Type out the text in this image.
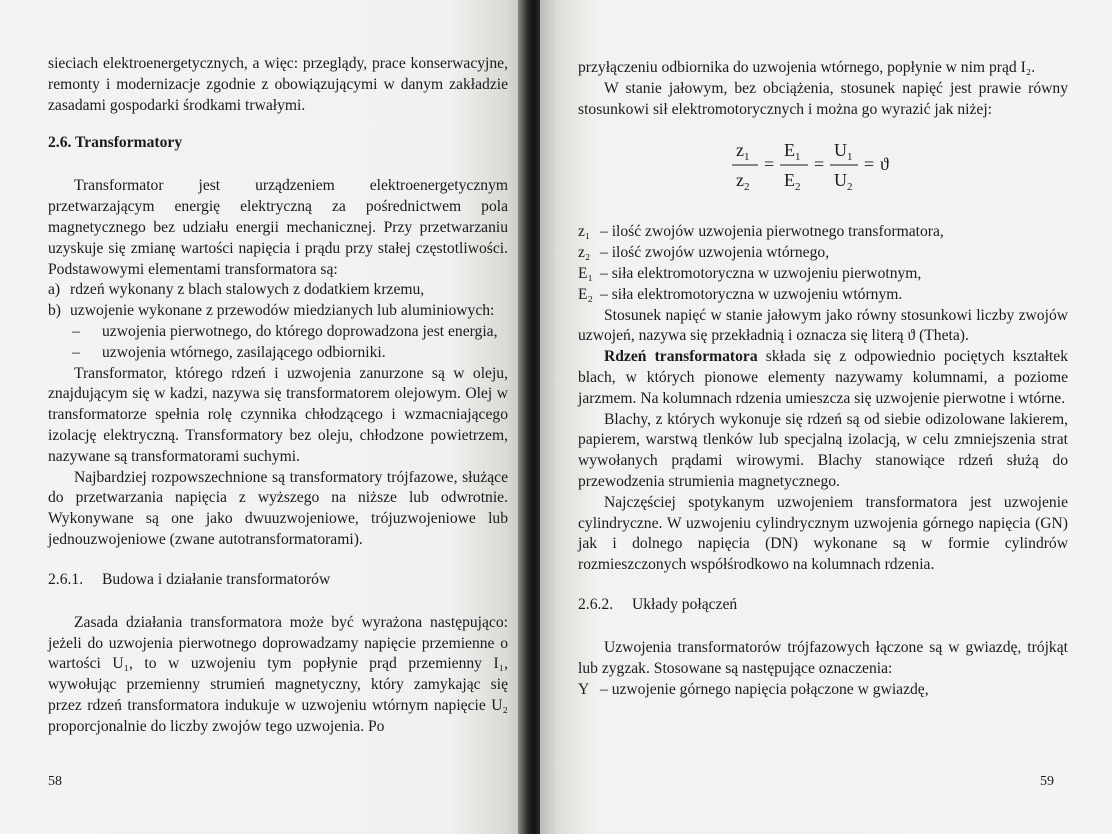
sieciach elektroenergetycznych, a więc: przeglądy, prace konserwacyjne, remonty i modernizacje zgodnie z obowiązującymi w danym zakładzie zasadami gospodarki środkami trwałymi.

2.6. Transformatory

Transformator jest urządzeniem elektroenergetycznym przetwarzającym energię elektryczną za pośrednictwem pola magnetycznego bez udziału energii mechanicznej. Przy przetwarzaniu uzyskuje się zmianę wartości napięcia i prądu przy stałej częstotliwości. Podstawowymi elementami transformatora są:

a) rdzeń wykonany z blach stalowych z dodatkiem krzemu,
b) uzwojenie wykonane z przewodów miedzianych lub aluminiowych:
–	uzwojenia pierwotnego, do którego doprowadzona jest energia,
–	uzwojenia wtórnego, zasilającego odbiorniki.

Transformator, którego rdzeń i uzwojenia zanurzone są w oleju, znajdującym się w kadzi, nazywa się transformatorem olejowym. Olej w transformatorze spełnia rolę czynnika chłodzącego i wzmacniającego izolację elektryczną. Transformatory bez oleju, chłodzone powietrzem, nazywane są transformatorami suchymi.

Najbardziej rozpowszechnione są transformatory trójfazowe, służące do przetwarzania napięcia z wyższego na niższe lub odwrotnie. Wykonywane są one jako dwuuzwojeniowe, trójuzwojeniowe lub jednouzwojeniowe (zwane autotransformatorami).

2.6.1. Budowa i działanie transformatorów

Zasada działania transformatora może być wyrażona następująco: jeżeli do uzwojenia pierwotnego doprowadzamy napięcie przemienne o wartości U₁, to w uzwojeniu tym popłynie prąd przemienny I₁, wywołując przemienny strumień magnetyczny, który zamykając się przez rdzeń transformatora indukuje w uzwojeniu wtórnym napięcie U₂ proporcjonalnie do liczby zwojów tego uzwojenia. Po

58

przyłączeniu odbiornika do uzwojenia wtórnego, popłynie w nim prąd I₂.

W stanie jałowym, bez obciążenia, stosunek napięć jest prawie równy stosunkowi sił elektromotorycznych i można go wyrazić jak niżej:

$z_1$
$z_2$
=
$E_1$
$E_2$
=
$U_1$
$U_2$
= ϑ
z₁ – ilość zwojów uzwojenia pierwotnego transformatora,
z₂ – ilość zwojów uzwojenia wtórnego,
E₁ – siła elektromotoryczna w uzwojeniu pierwotnym,
E₂ – siła elektromotoryczna w uzwojeniu wtórnym.

Stosunek napięć w stanie jałowym jako równy stosunkowi liczby zwojów uzwojeń, nazywa się przekładnią i oznacza się literą ϑ (Theta).

Rdzeń transformatora składa się z odpowiednio pociętych kształtek blach, w których pionowe elementy nazywamy kolumnami, a poziome jarzmem. Na kolumnach rdzenia umieszcza się uzwojenie pierwotne i wtórne.

Blachy, z których wykonuje się rdzeń są od siebie odizolowane lakierem, papierem, warstwą tlenków lub specjalną izolacją, w celu zmniejszenia strat wywołanych prądami wirowymi. Blachy stanowiące rdzeń służą do przewodzenia strumienia magnetycznego.

Najczęściej spotykanym uzwojeniem transformatora jest uzwojenie cylindryczne. W uzwojeniu cylindrycznym uzwojenia górnego napięcia (GN) jak i dolnego napięcia (DN) wykonane są w formie cylindrów rozmieszczonych współśrodkowo na kolumnach rdzenia.

2.6.2. Układy połączeń

Uzwojenia transformatorów trójfazowych łączone są w gwiazdę, trójkąt lub zygzak. Stosowane są następujące oznaczenia:

Y – uzwojenie górnego napięcia połączone w gwiazdę,
59
